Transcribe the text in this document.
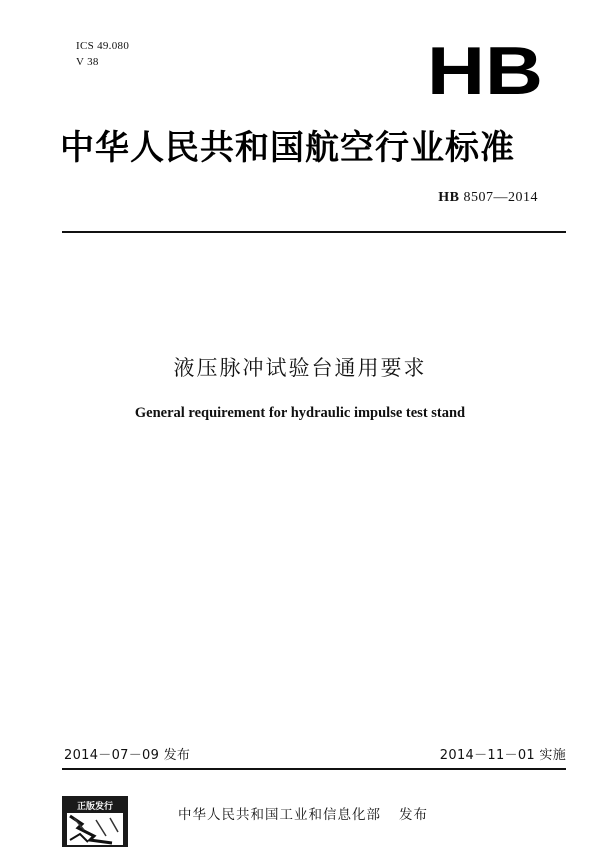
ICS 49.080
V 38	HB
中华人民共和国航空行业标准
HB 8507—2014
液压脉冲试验台通用要求
General requirement for hydraulic impulse test stand
2014－07－09 发布	2014－11－01 实施
正版发行	中华人民共和国工业和信息化部 发布
